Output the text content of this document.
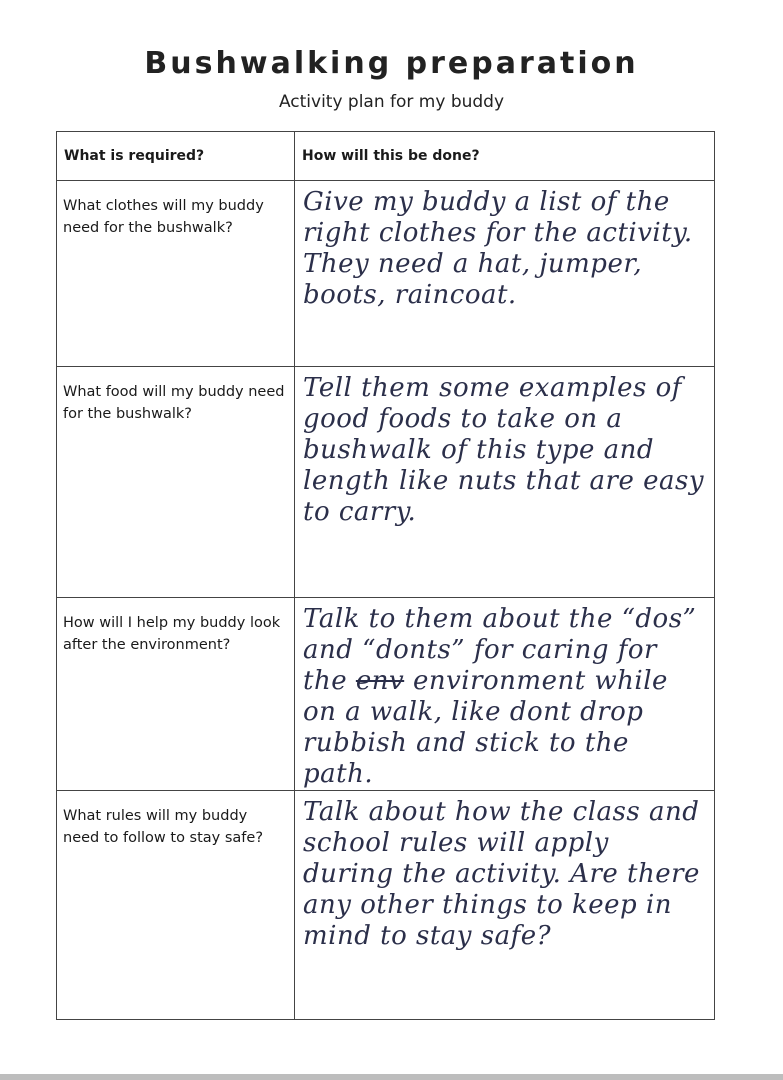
Bushwalking preparation
Activity plan for my buddy
What is required?	How will this be done?

What clothes will my buddy need for the bushwalk?	Give my buddy a list of the right clothes for the activity. They need a hat, jumper, boots, raincoat.

What food will my buddy need for the bushwalk?	Tell them some examples of good foods to take on a bushwalk of this type and length like nuts that are easy to carry.

How will I help my buddy look after the environment?	Talk to them about the “dos” and “donts” for caring for the env environment while on a walk, like dont drop rubbish and stick to the path.

What rules will my buddy need to follow to stay safe?	Talk about how the class and school rules will apply during the activity. Are there any other things to keep in mind to stay safe?
